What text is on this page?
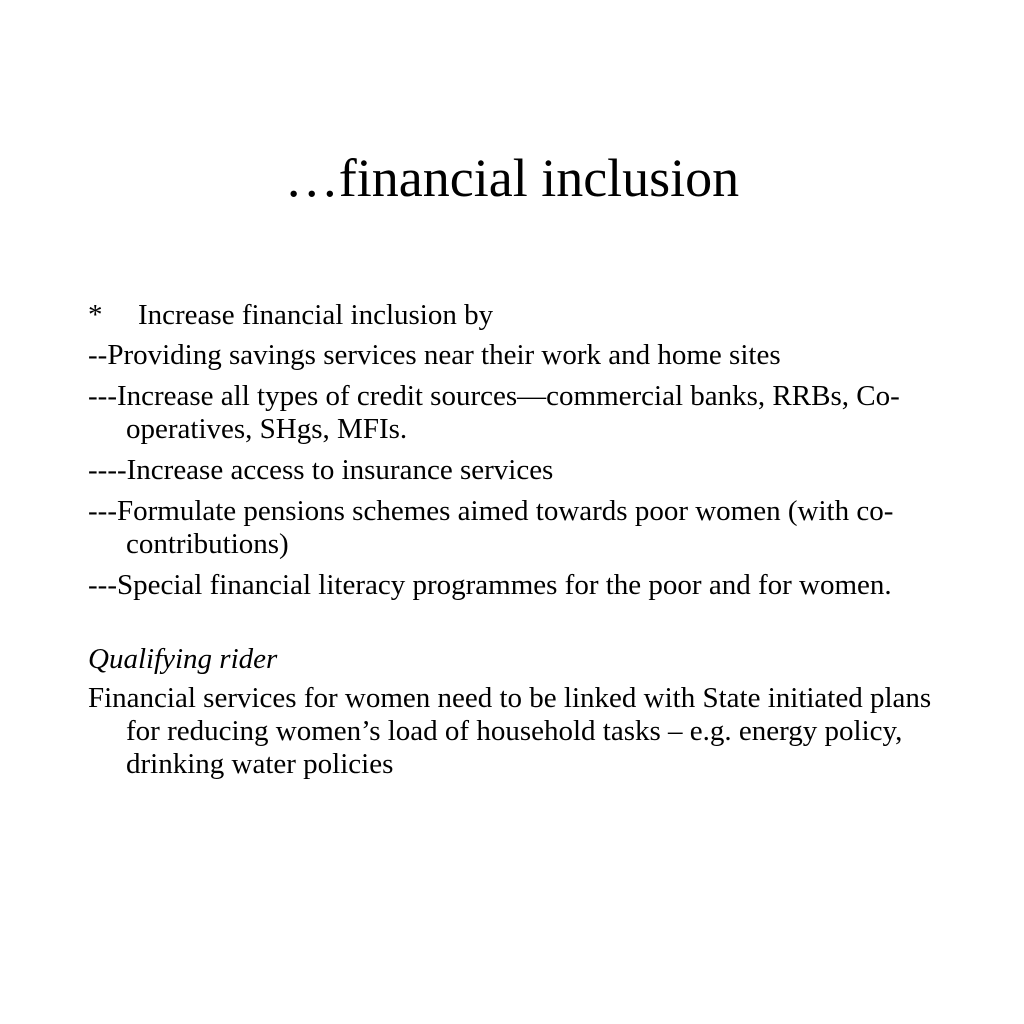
…financial inclusion
* Increase financial inclusion by
--Providing savings services near their work and home sites
---Increase all types of credit sources—commercial banks, RRBs, Co-operatives, SHgs, MFIs.
----Increase access to insurance services
---Formulate pensions schemes aimed towards poor women (with co-contributions)
---Special financial literacy programmes for the poor and for women.
Qualifying rider
Financial services for women need to be linked with State initiated plans for reducing women’s load of household tasks – e.g. energy policy, drinking water policies
